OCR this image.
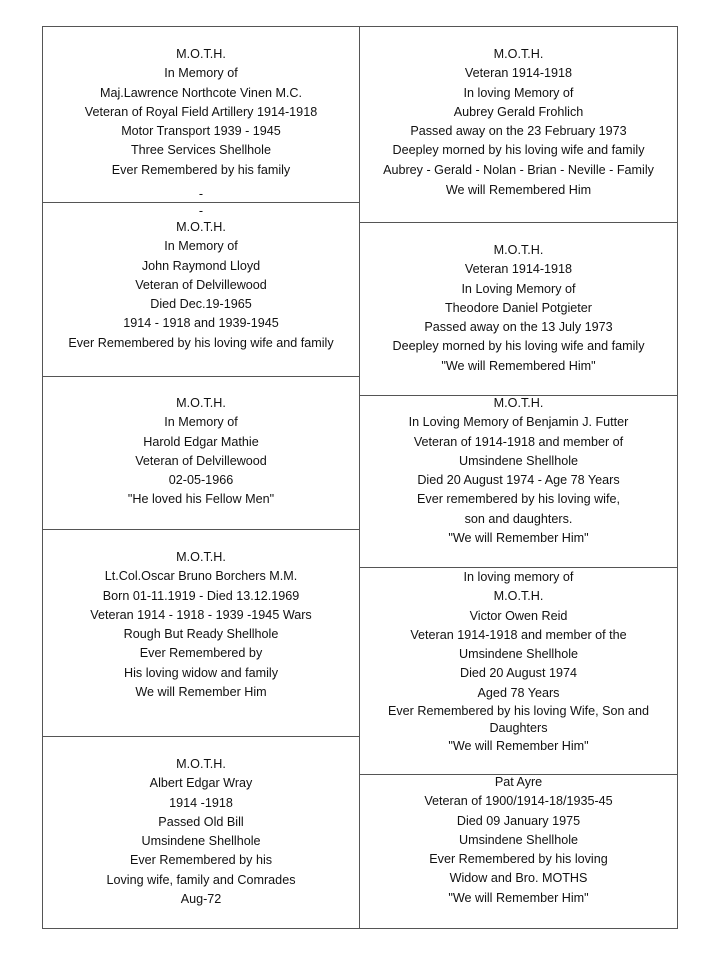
M.O.T.H.
In Memory of
Maj.Lawrence Northcote Vinen M.C.
Veteran of Royal Field Artillery 1914-1918
Motor Transport 1939 - 1945
Three Services Shellhole
Ever Remembered by his family
-
-
M.O.T.H.
In Memory of
John Raymond Lloyd
Veteran of Delvillewood
Died Dec.19-1965
1914 - 1918 and 1939-1945
Ever Remembered by his loving wife and family
M.O.T.H.
In Memory of
Harold Edgar Mathie
Veteran of Delvillewood
02-05-1966
"He loved his Fellow Men"
M.O.T.H.
Lt.Col.Oscar Bruno Borchers M.M.
Born 01-11.1919 - Died 13.12.1969
Veteran 1914 - 1918 - 1939 -1945 Wars
Rough But Ready Shellhole
Ever Remembered by
His loving widow and family
We will Remember Him
M.O.T.H.
Albert Edgar Wray
1914 -1918
Passed Old Bill
Umsindene Shellhole
Ever Remembered by his
Loving wife, family and Comrades
Aug-72
M.O.T.H.
Veteran 1914-1918
In loving Memory of
Aubrey Gerald Frohlich
Passed away on the 23 February 1973
Deepley morned by his loving wife and family
Aubrey - Gerald - Nolan - Brian - Neville - Family
We will Remembered Him
M.O.T.H.
Veteran 1914-1918
In Loving Memory of
Theodore Daniel Potgieter
Passed away on the 13 July 1973
Deepley morned by his loving wife and family
"We will Remembered Him"
M.O.T.H.
In Loving Memory of Benjamin J. Futter
Veteran of 1914-1918 and member of
Umsindene Shellhole
Died 20 August 1974 - Age 78 Years
Ever remembered by his loving wife,
son and daughters.
"We will Remember Him"
In loving memory of
M.O.T.H.
Victor Owen Reid
Veteran 1914-1918 and member of the
Umsindene Shellhole
Died 20 August 1974
Aged 78 Years
Ever Remembered by his loving Wife, Son and
Daughters
"We will Remember Him"
Pat Ayre
Veteran of 1900/1914-18/1935-45
Died 09 January 1975
Umsindene Shellhole
Ever Remembered by his loving
Widow and Bro. MOTHS
"We will Remember Him"
